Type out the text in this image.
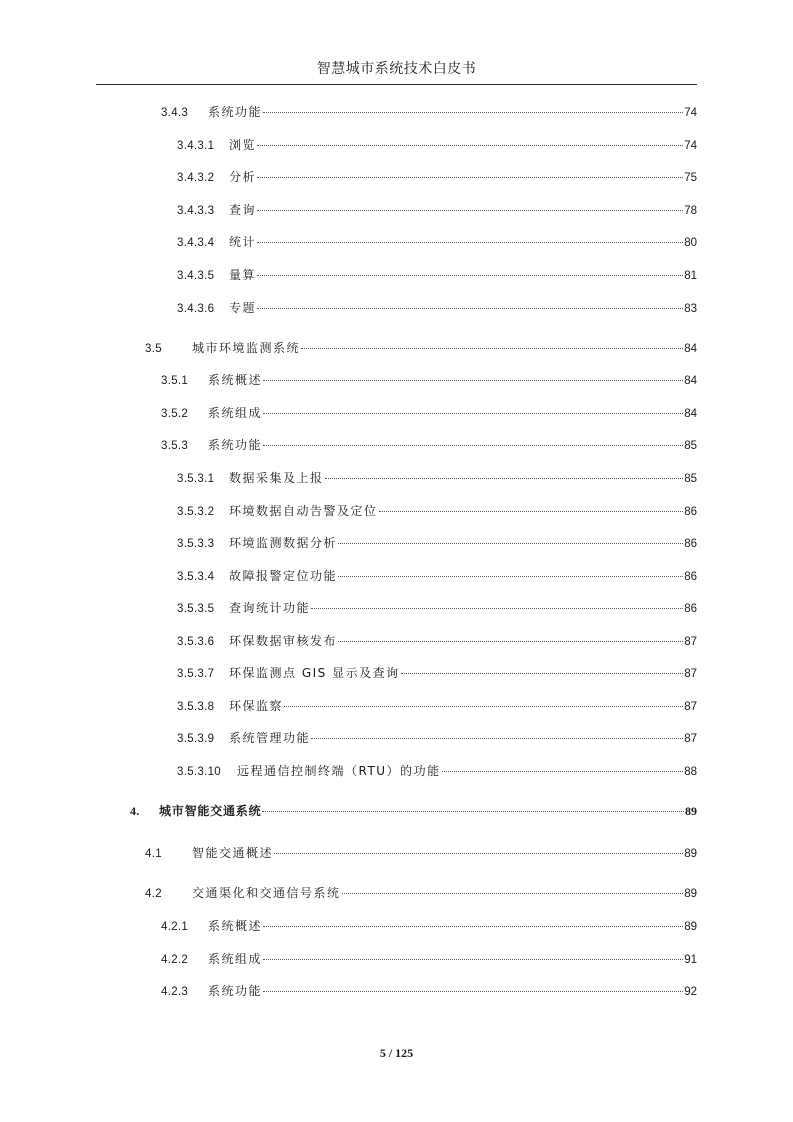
智慧城市系统技术白皮书
3.4.3	系统功能	74
3.4.3.1	浏览	74
3.4.3.2	分析	75
3.4.3.3	查询	78
3.4.3.4	统计	80
3.4.3.5	量算	81
3.4.3.6	专题	83
3.5	城市环境监测系统	84
3.5.1	系统概述	84
3.5.2	系统组成	84
3.5.3	系统功能	85
3.5.3.1	数据采集及上报	85
3.5.3.2	环境数据自动告警及定位	86
3.5.3.3	环境监测数据分析	86
3.5.3.4	故障报警定位功能	86
3.5.3.5	查询统计功能	86
3.5.3.6	环保数据审核发布	87
3.5.3.7	环保监测点 GIS 显示及查询	87
3.5.3.8	环保监察	87
3.5.3.9	系统管理功能	87
3.5.3.10	远程通信控制终端（RTU）的功能	88
4.	城市智能交通系统	89
4.1	智能交通概述	89
4.2	交通渠化和交通信号系统	89
4.2.1	系统概述	89
4.2.2	系统组成	91
4.2.3	系统功能	92
5 / 125
